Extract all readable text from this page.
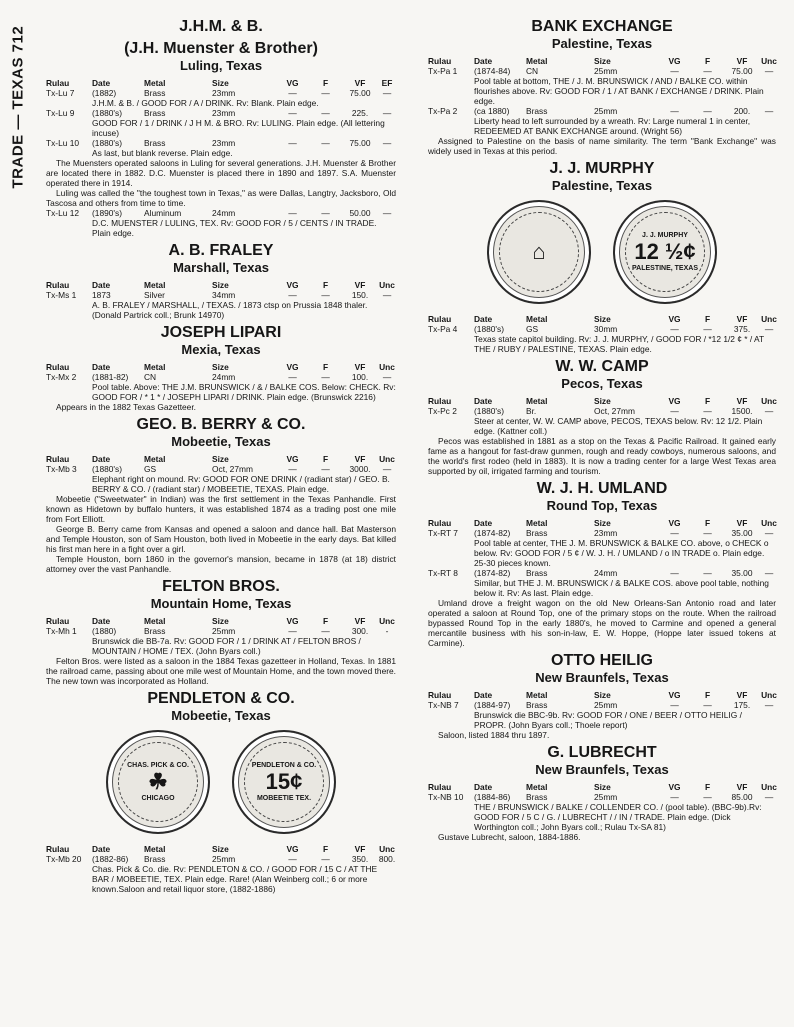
TRADE — TEXAS 712	J.H.M. & B.
(J.H. Muenster & Brother)
Luling, Texas
Rulau	Date	Metal	Size	VG	F	VF	EF
Tx-Lu 7	(1882)	Brass	23mm	—	—	75.00	—
J.H.M. & B. / GOOD FOR / A / DRINK. Rv: Blank. Plain edge.
Tx-Lu 9	(1880's)	Brass	23mm	—	—	225.	—
GOOD FOR / 1 / DRINK / J H M. & BRO. Rv: LULING. Plain edge. (All lettering incuse)
Tx-Lu 10	(1880's)	Brass	23mm	—	—	75.00	—
As last, but blank reverse. Plain edge.
The Muensters operated saloons in Luling for several generations. J.H. Muenster & Brother are located there in 1882. D.C. Muenster is placed there in 1890 and 1897. S.A. Muenster operated there in 1914.
Luling was called the "the toughest town in Texas," as were Dallas, Langtry, Jacksboro, Old Tascosa and others from time to time.
Tx-Lu 12	(1890's)	Aluminum	24mm	—	—	50.00	—
D.C. MUENSTER / LULING, TEX. Rv: GOOD FOR / 5 / CENTS / IN TRADE. Plain edge.
A. B. FRALEY
Marshall, Texas
Rulau	Date	Metal	Size	VG	F	VF	Unc
Tx-Ms 1	1873	Silver	34mm	—	—	150.	—
A. B. FRALEY / MARSHALL, / TEXAS. / 1873 ctsp on Prussia 1848 thaler. (Donald Partrick coll.; Brunk 14970)
JOSEPH LIPARI
Mexia, Texas
Rulau	Date	Metal	Size	VG	F	VF	Unc
Tx-Mx 2	(1881-82)	CN	24mm	—	—	100.	—
Pool table. Above: THE J.M. BRUNSWICK / & / BALKE COS. Below: CHECK. Rv: GOOD FOR / * 1 * / JOSEPH LIPARI / DRINK. Plain edge. (Brunswick 2216)
Appears in the 1882 Texas Gazetteer.
GEO. B. BERRY & CO.
Mobeetie, Texas
Rulau	Date	Metal	Size	VG	F	VF	Unc
Tx-Mb 3	(1880's)	GS	Oct, 27mm	—	—	3000.	—
Elephant right on mound. Rv: GOOD FOR ONE DRINK / (radiant star) / GEO. B. BERRY & CO. / (radiant star) / MOBEETIE, TEXAS. Plain edge.
Mobeetie ("Sweetwater" in Indian) was the first settlement in the Texas Panhandle. First known as Hidetown by buffalo hunters, it was established 1874 as a trading post one mile from Fort Elliott.
George B. Berry came from Kansas and opened a saloon and dance hall. Bat Masterson and Temple Houston, son of Sam Houston, both lived in Mobeetie in the early days. Bat killed his first man here in a fight over a girl.
Temple Houston, born 1860 in the governor's mansion, became in 1878 (at 18) district attorney over the vast Panhandle.
FELTON BROS.
Mountain Home, Texas
Rulau	Date	Metal	Size	VG	F	VF	Unc
Tx-Mh 1	(1880)	Brass	25mm	—	—	300.	-
Brunswick die BB-7a. Rv: GOOD FOR / 1 / DRINK AT / FELTON BROS / MOUNTAIN / HOME / TEX. (John Byars coll.)
Felton Bros. were listed as a saloon in the 1884 Texas gazetteer in Holland, Texas. In 1881 the railroad came, passing about one mile west of Mountain Home, and the town moved there. The new town was incorporated as Holland.
PENDLETON & CO.
Mobeetie, Texas
CHAS. PICK & CO.
☘
CHICAGO
PENDLETON & CO.
15¢
MOBEETIE TEX.
Rulau	Date	Metal	Size	VG	F	VF	Unc
Tx-Mb 20	(1882-86)	Brass	25mm	—	—	350.	800.
Chas. Pick & Co. die. Rv: PENDLETON & CO. / GOOD FOR / 15 C / AT THE BAR / MOBEETIE, TEX. Plain edge. Rare! (Alan Weinberg coll.; 6 or more known.Saloon and retail liquor store, (1882-1886)
BANK EXCHANGE
Palestine, Texas
Rulau	Date	Metal	Size	VG	F	VF	Unc
Tx-Pa 1	(1874-84)	CN	25mm	—	—	75.00	—
Pool table at bottom, THE / J. M. BRUNSWICK / AND / BALKE CO. within flourishes above. Rv: GOOD FOR / 1 / AT BANK / EXCHANGE / DRINK. Plain edge.
Tx-Pa 2	(ca 1880)	Brass	25mm	—	—	200.	—
Liberty head to left surrounded by a wreath. Rv: Large numeral 1 in center, REDEEMED AT BANK EXCHANGE around. (Wright 56)
Assigned to Palestine on the basis of name similarity. The term "Bank Exchange" was widely used in Texas at this period.
J. J. MURPHY
Palestine, Texas
⌂
J. J. MURPHY
12 ½¢
PALESTINE, TEXAS
Rulau	Date	Metal	Size	VG	F	VF	Unc
Tx-Pa 4	(1880's)	GS	30mm	—	—	375.	—
Texas state capitol building. Rv: J. J. MURPHY, / GOOD FOR / *12 1/2 ¢ * / AT THE / RUBY / PALESTINE, TEXAS. Plain edge.
W. W. CAMP
Pecos, Texas
Rulau	Date	Metal	Size	VG	F	VF	Unc
Tx-Pc 2	(1880's)	Br.	Oct, 27mm	—	—	1500.	—
Steer at center, W. W. CAMP above, PECOS, TEXAS below. Rv: 12 1/2. Plain edge. (Kattner coll.)
Pecos was established in 1881 as a stop on the Texas & Pacific Railroad. It gained early fame as a hangout for fast-draw gunmen, rough and ready cowboys, numerous saloons, and the world's first rodeo (held in 1883). It is now a trading center for a large West Texas area supported by oil, irrigated farming and tourism.
W. J. H. UMLAND
Round Top, Texas
Rulau	Date	Metal	Size	VG	F	VF	Unc
Tx-RT 7	(1874-82)	Brass	23mm	—	—	35.00	—
Pool table at center, THE J. M. BRUNSWICK & BALKE CO. above, o CHECK o below. Rv: GOOD FOR / 5 ¢ / W. J. H. / UMLAND / o IN TRADE o. Plain edge. 25-30 pieces known.
Tx-RT 8	(1874-82)	Brass	24mm	—	—	35.00	—
Similar, but THE J. M. BRUNSWICK / & BALKE COS. above pool table, nothing below it. Rv: As last. Plain edge.
Umland drove a freight wagon on the old New Orleans-San Antonio road and later operated a saloon at Round Top, one of the primary stops on the route. When the railroad bypassed Round Top in the early 1880's, he moved to Carmine and opened a general mercantile business with his son-in-law, E. W. Hoppe, (Hoppe later issued tokens at Carmine).
OTTO HEILIG
New Braunfels, Texas
Rulau	Date	Metal	Size	VG	F	VF	Unc
Tx-NB 7	(1884-97)	Brass	25mm	—	—	175.	—
Brunswick die BBC-9b. Rv: GOOD FOR / ONE / BEER / OTTO HEILIG / PROPR. (John Byars coll.; Thoele report)
Saloon, listed 1884 thru 1897.
G. LUBRECHT
New Braunfels, Texas
Rulau	Date	Metal	Size	VG	F	VF	Unc
Tx-NB 10	(1884-86)	Brass	25mm	—	—	85.00	—
THE / BRUNSWICK / BALKE / COLLENDER CO. / (pool table). (BBC-9b).Rv: GOOD FOR / 5 C / G. / LUBRECHT / / IN / TRADE. Plain edge. (Dick Worthington coll.; John Byars coll.; Rulau Tx-SA 81)
Gustave Lubrecht, saloon, 1884-1886.
